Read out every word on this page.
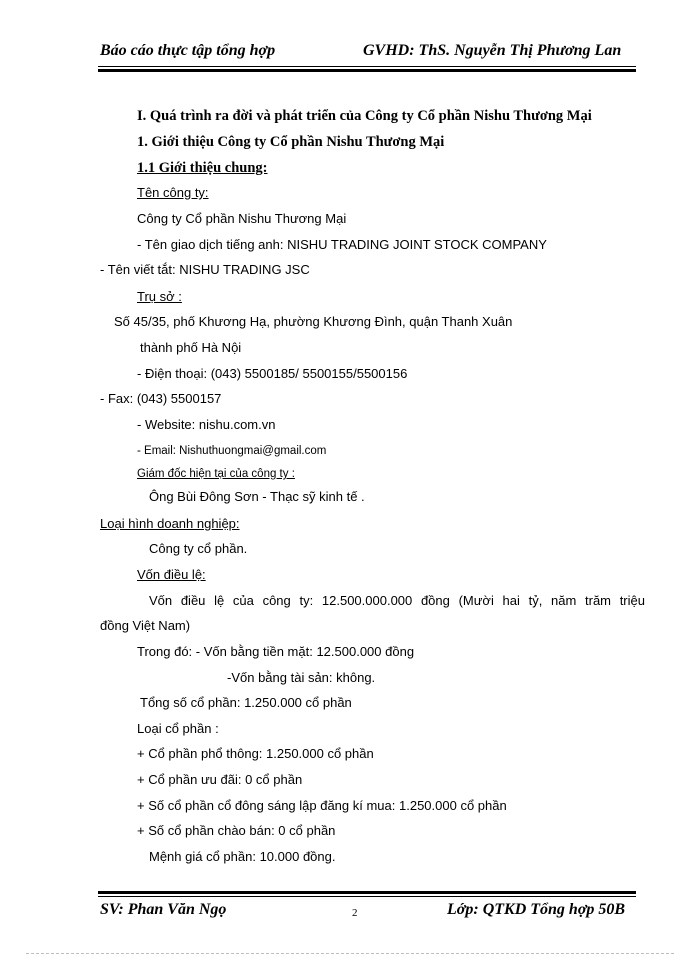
Báo cáo thực tập tổng hợp	GVHD: ThS. Nguyễn Thị Phương Lan
I. Quá trình ra đời và phát triển của Công ty Cổ phần Nishu Thương Mại
1. Giới thiệu Công ty Cổ phần Nishu Thương Mại
1.1 Giới thiệu chung:
Tên công ty:
Công ty Cổ phần Nishu Thương Mại
- Tên giao dịch tiếng anh: NISHU TRADING JOINT STOCK COMPANY
- Tên viết tắt: NISHU TRADING JSC
Trụ sở :
Số 45/35, phố Khương Hạ, phường Khương Đình, quận Thanh Xuân
thành phố Hà Nội
- Điện thoại: (043) 5500185/ 5500155/5500156
- Fax: (043) 5500157
- Website: nishu.com.vn
- Email: Nishuthuongmai@gmail.com
Giám đốc hiện tại của công ty :
Ông Bùi Đông Sơn - Thạc sỹ kinh tế .
Loại hình doanh nghiệp:
Công ty cổ phần.
Vốn điều lệ:
Vốn điều lệ của công ty: 12.500.000.000 đồng (Mười hai tỷ, năm trăm triệu
đồng Việt Nam)
Trong đó: - Vốn bằng tiền mặt: 12.500.000 đồng
-Vốn bằng tài sản: không.
Tổng số cổ phần: 1.250.000 cổ phần
Loại cổ phần :
+ Cổ phần phổ thông: 1.250.000 cổ phần
+ Cổ phần ưu đãi: 0 cổ phần
+ Số cổ phần cổ đông sáng lập đăng kí mua: 1.250.000 cổ phần
+ Số cổ phần chào bán: 0 cổ phần
Mệnh giá cổ phần: 10.000 đồng.
SV: Phan Văn Ngọ	2	Lớp: QTKD Tổng hợp 50B
